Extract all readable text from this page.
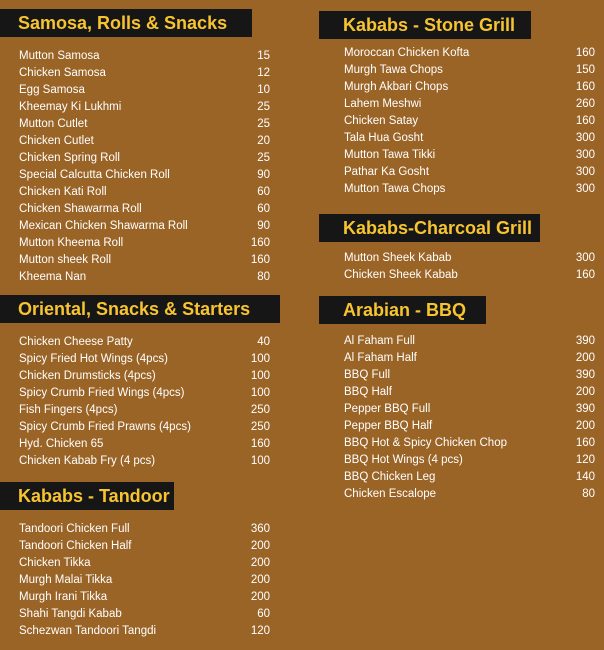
Samosa, Rolls & Snacks
Mutton Samosa	15
Chicken Samosa	12
Egg Samosa	10
Kheemay Ki Lukhmi	25
Mutton Cutlet	25
Chicken Cutlet	20
Chicken Spring Roll	25
Special Calcutta Chicken Roll	90
Chicken Kati Roll	60
Chicken Shawarma Roll	60
Mexican Chicken Shawarma Roll	90
Mutton Kheema Roll	160
Mutton sheek Roll	160
Kheema Nan	80
Oriental, Snacks & Starters
Chicken Cheese Patty	40
Spicy Fried Hot Wings (4pcs)	100
Chicken Drumsticks (4pcs)	100
Spicy Crumb Fried Wings (4pcs)	100
Fish Fingers (4pcs)	250
Spicy Crumb Fried Prawns (4pcs)	250
Hyd. Chicken 65	160
Chicken Kabab Fry (4 pcs)	100
Kababs - Tandoor
Tandoori Chicken Full	360
Tandoori Chicken Half	200
Chicken Tikka	200
Murgh Malai Tikka	200
Murgh Irani Tikka	200
Shahi Tangdi Kabab	60
Schezwan Tandoori Tangdi	120
Kababs - Stone Grill
Moroccan Chicken Kofta	160
Murgh Tawa Chops	150
Murgh Akbari Chops	160
Lahem Meshwi	260
Chicken Satay	160
Tala Hua Gosht	300
Mutton Tawa Tikki	300
Pathar Ka Gosht	300
Mutton Tawa Chops	300
Kababs-Charcoal Grill
Mutton Sheek Kabab	300
Chicken Sheek Kabab	160
Arabian - BBQ
Al Faham Full	390
Al Faham Half	200
BBQ Full	390
BBQ Half	200
Pepper BBQ Full	390
Pepper BBQ Half	200
BBQ Hot & Spicy Chicken Chop	160
BBQ Hot Wings (4 pcs)	120
BBQ Chicken Leg	140
Chicken Escalope	80
